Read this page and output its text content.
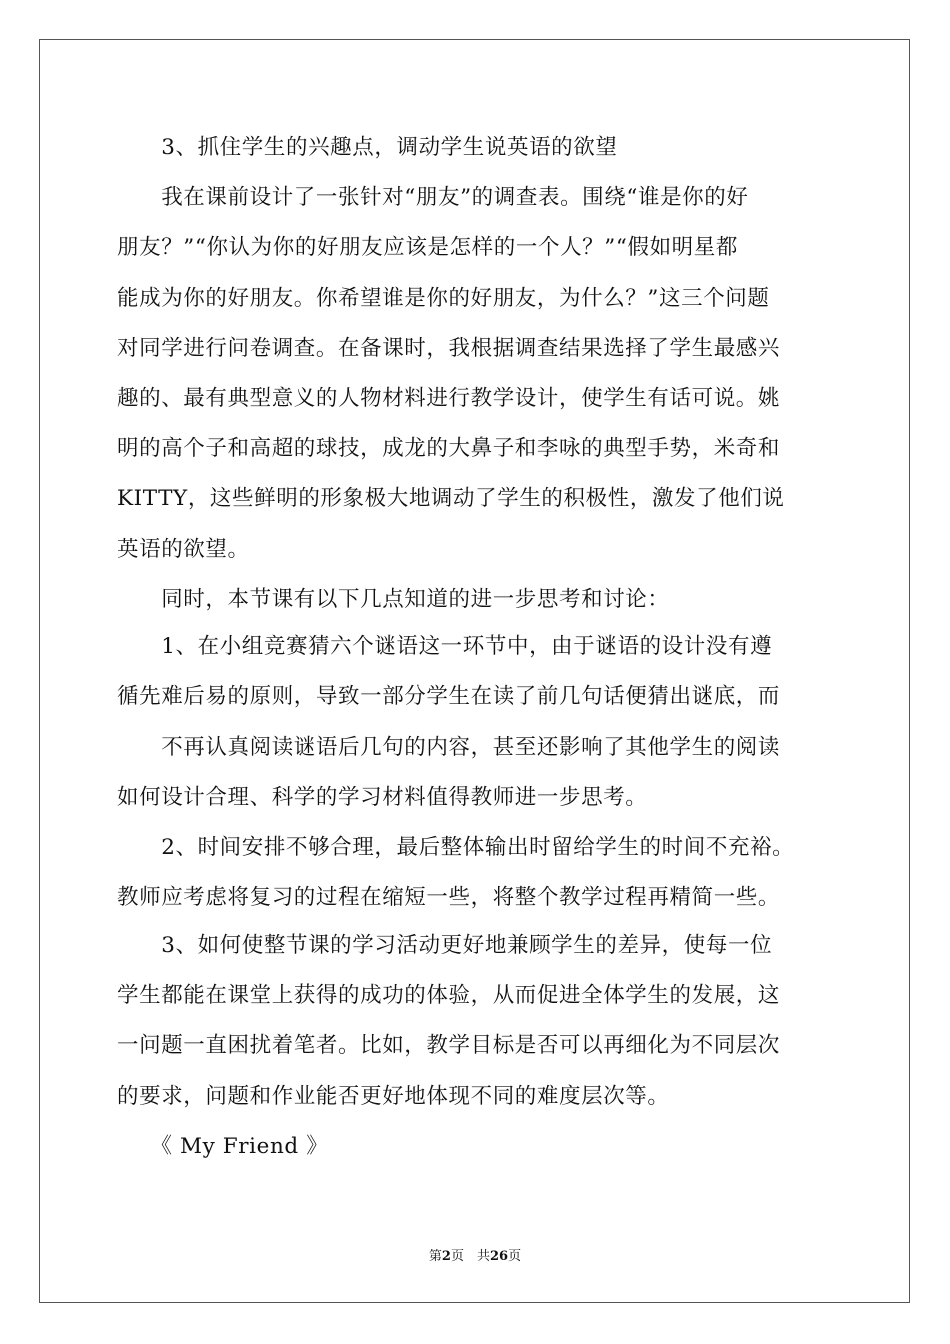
　　3、抓住学生的兴趣点，调动学生说英语的欲望
　　我在课前设计了一张针对“朋友”的调查表。围绕“谁是你的好
朋友？”“你认为你的好朋友应该是怎样的一个人？”“假如明星都
能成为你的好朋友。你希望谁是你的好朋友，为什么？”这三个问题
对同学进行问卷调查。在备课时，我根据调查结果选择了学生最感兴
趣的、最有典型意义的人物材料进行教学设计，使学生有话可说。姚
明的高个子和高超的球技，成龙的大鼻子和李咏的典型手势，米奇和
KITTY，这些鲜明的形象极大地调动了学生的积极性，激发了他们说
英语的欲望。
　　同时，本节课有以下几点知道的进一步思考和讨论：
　　1、在小组竞赛猜六个谜语这一环节中，由于谜语的设计没有遵
循先难后易的原则，导致一部分学生在读了前几句话便猜出谜底，而
　　不再认真阅读谜语后几句的内容，甚至还影响了其他学生的阅读
如何设计合理、科学的学习材料值得教师进一步思考。
　　2、时间安排不够合理，最后整体输出时留给学生的时间不充裕。
教师应考虑将复习的过程在缩短一些，将整个教学过程再精简一些。
　　3、如何使整节课的学习活动更好地兼顾学生的差异，使每一位
学生都能在课堂上获得的成功的体验，从而促进全体学生的发展，这
一问题一直困扰着笔者。比如，教学目标是否可以再细化为不同层次
的要求，问题和作业能否更好地体现不同的难度层次等。
　　《 My Friend 》
第2页　共26页
